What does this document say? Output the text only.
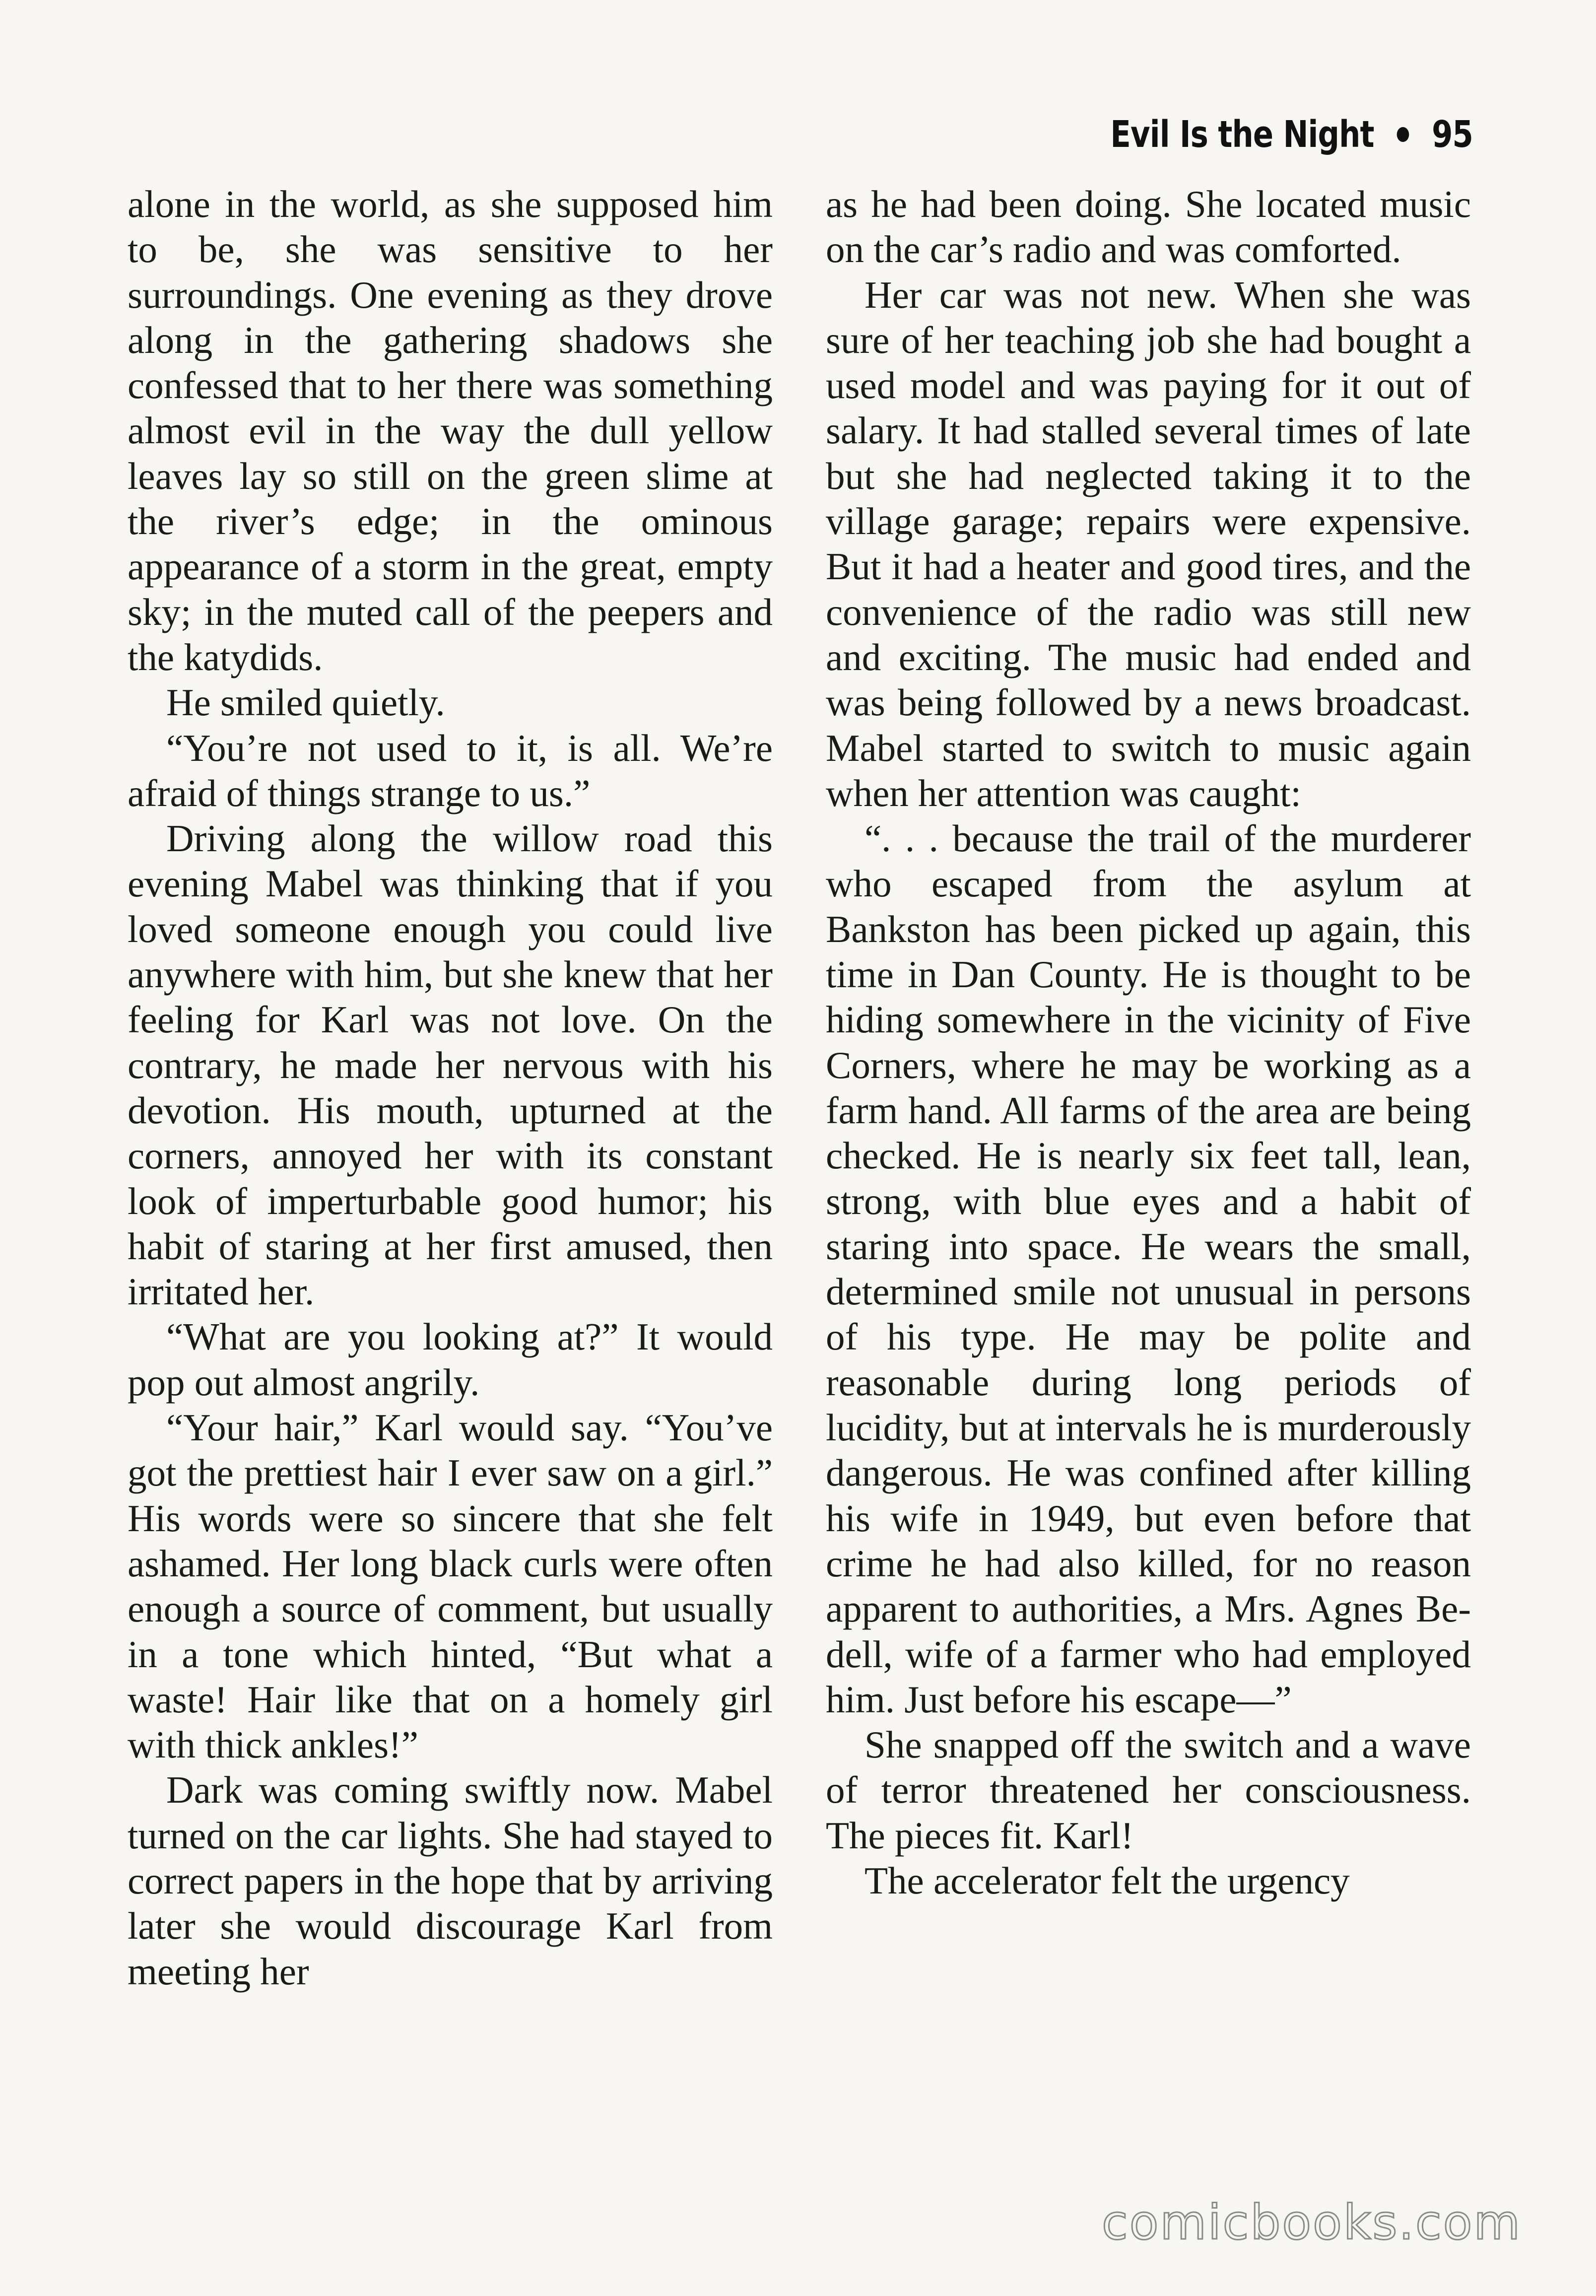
Evil Is the Night 95

alone in the world, as she supposed him to be, she was sensitive to her surroundings. One evening as they drove along in the gathering shadows she confessed that to her there was something almost evil in the way the dull yellow leaves lay so still on the green slime at the river’s edge; in the ominous appearance of a storm in the great, empty sky; in the muted call of the peepers and the katydids.

He smiled quietly.

“You’re not used to it, is all. We’re afraid of things strange to us.”

Driving along the willow road this evening Mabel was thinking that if you loved someone enough you could live anywhere with him, but she knew that her feeling for Karl was not love. On the contrary, he made her nervous with his devotion. His mouth, upturned at the corners, annoyed her with its constant look of imperturbable good humor; his habit of staring at her first amused, then irritated her.

“What are you looking at?” It would pop out almost angrily.

“Your hair,” Karl would say. “You’ve got the prettiest hair I ever saw on a girl.” His words were so sincere that she felt ashamed. Her long black curls were often enough a source of comment, but usually in a tone which hinted, “But what a waste! Hair like that on a homely girl with thick ankles!”

Dark was coming swiftly now. Mabel turned on the car lights. She had stayed to correct papers in the hope that by arriving later she would discourage Karl from meeting her

as he had been doing. She located music on the car’s radio and was comforted.

Her car was not new. When she was sure of her teaching job she had bought a used model and was paying for it out of salary. It had stalled several times of late but she had neglected taking it to the village garage; repairs were expensive. But it had a heater and good tires, and the convenience of the radio was still new and exciting. The music had ended and was being followed by a news broadcast. Mabel started to switch to music again when her attention was caught:

“. . . because the trail of the murderer who escaped from the asylum at Bankston has been picked up again, this time in Dan County. He is thought to be hiding somewhere in the vicinity of Five Corners, where he may be working as a farm hand. All farms of the area are being checked. He is nearly six feet tall, lean, strong, with blue eyes and a habit of staring into space. He wears the small, determined smile not unusual in persons of his type. He may be polite and reasonable during long periods of lucidity, but at intervals he is murderously dangerous. He was confined after killing his wife in 1949, but even before that crime he had also killed, for no reason apparent to authorities, a Mrs. Agnes Bedell, wife of a farmer who had employed him. Just before his escape—”

She snapped off the switch and a wave of terror threatened her consciousness. The pieces fit. Karl!

The accelerator felt the urgency

comicbooks.com
